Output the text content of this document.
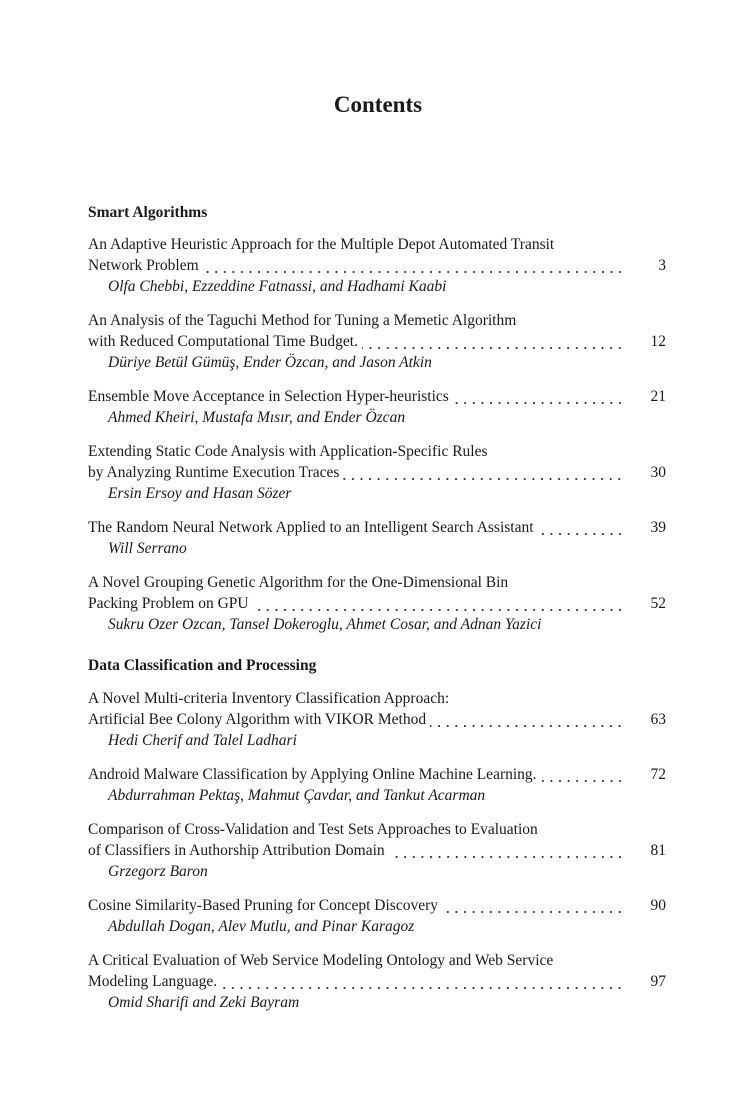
Contents
Smart Algorithms
An Adaptive Heuristic Approach for the Multiple Depot Automated Transit
Network Problem	3
Olfa Chebbi, Ezzeddine Fatnassi, and Hadhami Kaabi
An Analysis of the Taguchi Method for Tuning a Memetic Algorithm
with Reduced Computational Time Budget.	12
Düriye Betül Gümüş, Ender Özcan, and Jason Atkin
Ensemble Move Acceptance in Selection Hyper-heuristics	21
Ahmed Kheiri, Mustafa Mısır, and Ender Özcan
Extending Static Code Analysis with Application-Specific Rules
by Analyzing Runtime Execution Traces	30
Ersin Ersoy and Hasan Sözer
The Random Neural Network Applied to an Intelligent Search Assistant	39
Will Serrano
A Novel Grouping Genetic Algorithm for the One-Dimensional Bin
Packing Problem on GPU	52
Sukru Ozer Ozcan, Tansel Dokeroglu, Ahmet Cosar, and Adnan Yazici
Data Classification and Processing
A Novel Multi-criteria Inventory Classification Approach:
Artificial Bee Colony Algorithm with VIKOR Method	63
Hedi Cherif and Talel Ladhari
Android Malware Classification by Applying Online Machine Learning.	72
Abdurrahman Pektaş, Mahmut Çavdar, and Tankut Acarman
Comparison of Cross-Validation and Test Sets Approaches to Evaluation
of Classifiers in Authorship Attribution Domain	81
Grzegorz Baron
Cosine Similarity-Based Pruning for Concept Discovery	90
Abdullah Dogan, Alev Mutlu, and Pinar Karagoz
A Critical Evaluation of Web Service Modeling Ontology and Web Service
Modeling Language.	97
Omid Sharifi and Zeki Bayram
